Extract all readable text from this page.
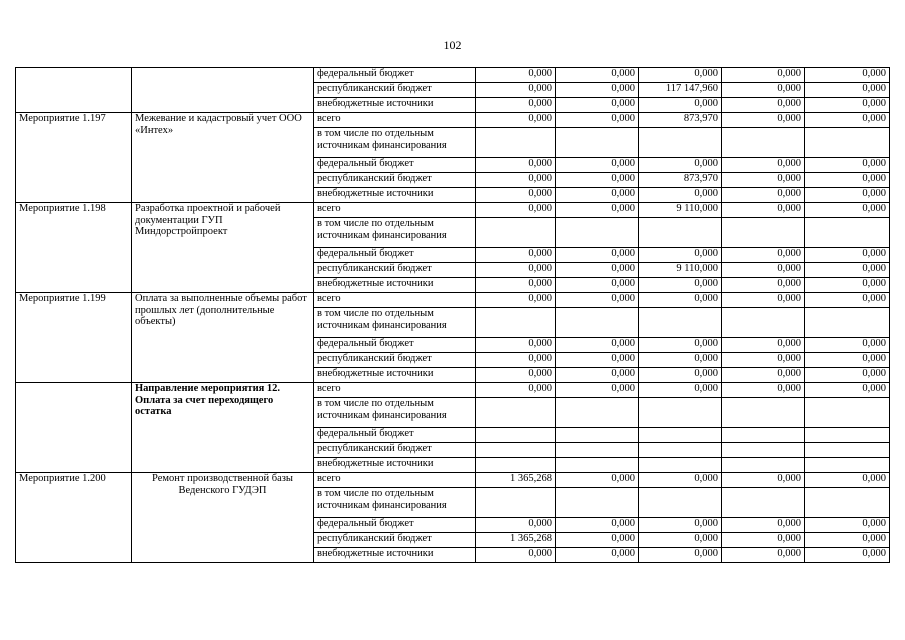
102
		федеральный бюджет	0,000	0,000	0,000	0,000	0,000
		республиканский бюджет	0,000	0,000	117 147,960	0,000	0,000
		внебюджетные источники	0,000	0,000	0,000	0,000	0,000
Мероприятие 1.197	Межевание и кадастровый учет ООО «Интех»	всего	0,000	0,000	873,970	0,000	0,000
		в том числе по отдельным источникам финансирования					
		федеральный бюджет	0,000	0,000	0,000	0,000	0,000
		республиканский бюджет	0,000	0,000	873,970	0,000	0,000
		внебюджетные источники	0,000	0,000	0,000	0,000	0,000
Мероприятие 1.198	Разработка проектной и рабочей документации ГУП Миндорстройпроект	всего	0,000	0,000	9 110,000	0,000	0,000
		в том числе по отдельным источникам финансирования					
		федеральный бюджет	0,000	0,000	0,000	0,000	0,000
		республиканский бюджет	0,000	0,000	9 110,000	0,000	0,000
		внебюджетные источники	0,000	0,000	0,000	0,000	0,000
Мероприятие 1.199	Оплата за выполненные объемы работ прошлых лет (дополнительные объекты)	всего	0,000	0,000	0,000	0,000	0,000
		в том числе по отдельным источникам финансирования					
		федеральный бюджет	0,000	0,000	0,000	0,000	0,000
		республиканский бюджет	0,000	0,000	0,000	0,000	0,000
		внебюджетные источники	0,000	0,000	0,000	0,000	0,000
	Направление мероприятия 12. Оплата за счет переходящего остатка	всего	0,000	0,000	0,000	0,000	0,000
		в том числе по отдельным источникам финансирования					
		федеральный бюджет					
		республиканский бюджет					
		внебюджетные источники					
Мероприятие 1.200	Ремонт производственной базы Веденского ГУДЭП	всего	1 365,268	0,000	0,000	0,000	0,000
		в том числе по отдельным источникам финансирования					
		федеральный бюджет	0,000	0,000	0,000	0,000	0,000
		республиканский бюджет	1 365,268	0,000	0,000	0,000	0,000
		внебюджетные источники	0,000	0,000	0,000	0,000	0,000
